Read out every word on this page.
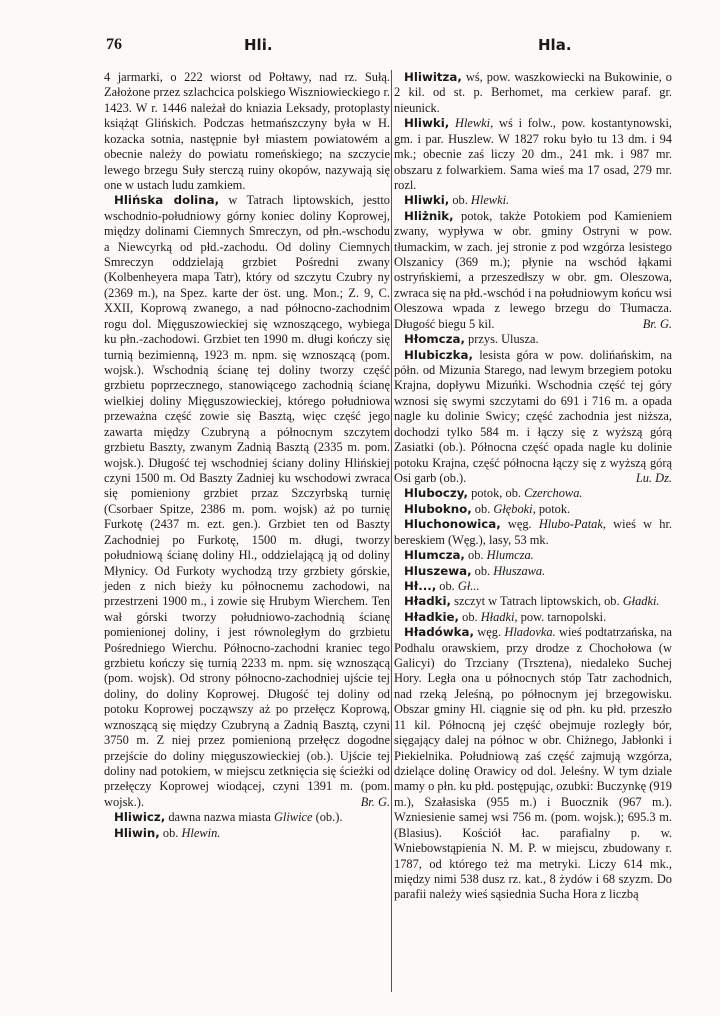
76	Hli.	Hla.

4 jarmarki, o 222 wiorst od Połtawy, nad rz. Sułą. Założone przez szlachcica polskiego Wiszniowieckiego r. 1423. W r. 1446 należał do kniazia Leksady, protoplasty książąt Glińskich. Podczas hetmańszczyny była w H. kozacka sotnia, następnie był miastem powiatowém a obecnie należy do powiatu romeńskiego; na szczycie lewego brzegu Suły sterczą ruiny okopów, nazywają się one w ustach ludu zamkiem.

Hlińska dolina, w Tatrach liptowskich, jestto wschodnio-południowy górny koniec doliny Koprowej, między dolinami Ciemnych Smreczyn, od płn.-wschodu a Niewcyrką od płd.-zachodu. Od doliny Ciemnych Smreczyn oddzielają grzbiet Pośredni zwany (Kolbenheyera mapa Tatr), który od szczytu Czubry ny (2369 m.), na Spez. karte der öst. ung. Mon.; Z. 9, C. XXII, Koprową zwanego, a nad północno-zachodnim rogu dol. Mięguszowieckiej się wznoszącego, wybiega ku płn.-zachodowi. Grzbiet ten 1990 m. długi kończy się turnią bezimienną, 1923 m. npm. się wznoszącą (pom. wojsk.). Wschodnią ścianę tej doliny tworzy część grzbietu poprzecznego, stanowiącego zachodnią ścianę wielkiej doliny Mięguszowieckiej, którego południowa przeważna część zowie się Basztą, więc część jego zawarta między Czubryną a północnym szczytem grzbietu Baszty, zwanym Zadnią Basztą (2335 m. pom. wojsk.). Długość tej wschodniej ściany doliny Hlińskiej czyni 1500 m. Od Baszty Zadniej ku wschodowi zwraca się pomieniony grzbiet przaz Szczyrbską turnię (Csorbaer Spitze, 2386 m. pom. wojsk) aż po turnię Furkotę (2437 m. ezt. gen.). Grzbiet ten od Baszty Zachodniej po Furkotę, 1500 m. długi, tworzy południową ścianę doliny Hl., oddzielającą ją od doliny Młynicy. Od Furkoty wychodzą trzy grzbiety górskie, jeden z nich bieży ku północnemu zachodowi, na przestrzeni 1900 m., i zowie się Hrubym Wierchem. Ten wał górski tworzy południowo-zachodnią ścianę pomienionej doliny, i jest równoległym do grzbietu Pośredniego Wierchu. Północno-zachodni kraniec tego grzbietu kończy się turnią 2233 m. npm. się wznoszącą (pom. wojsk). Od strony północno-zachodniej ujście tej doliny, do doliny Koprowej. Długość tej doliny od potoku Koprowej począwszy aż po przełęcz Koprową, wznoszącą się między Czubryną a Zadnią Basztą, czyni 3750 m. Z niej przez pomienioną przełęcz dogodne przejście do doliny mięguszowieckiej (ob.). Ujście tej doliny nad potokiem, w miejscu zetknięcia się ścieżki od przełęczy Koprowej wiodącej, czyni 1391 m. (pom. wojsk.).	Br. G.

Hliwicz, dawna nazwa miasta Gliwice (ob.).

Hliwin, ob. Hlewin.

Hliwitza, wś, pow. waszkowiecki na Bukowinie, o 2 kil. od st. p. Berhomet, ma cerkiew paraf. gr. nieunick.

Hliwki, Hlewki, wś i folw., pow. kostantynowski, gm. i par. Huszlew. W 1827 roku było tu 13 dm. i 94 mk.; obecnie zaś liczy 20 dm., 241 mk. i 987 mr. obszaru z folwarkiem. Sama wieś ma 17 osad, 279 mr. rozl.

Hliwki, ob. Hlewki.

Hliżnik, potok, także Potokiem pod Kamieniem zwany, wypływa w obr. gminy Ostryni w pow. tłumackim, w zach. jej stronie z pod wzgórza lesistego Olszanicy (369 m.); płynie na wschód łąkami ostryńskiemi, a przeszedłszy w obr. gm. Oleszowa, zwraca się na płd.-wschód i na południowym końcu wsi Oleszowa wpada z lewego brzegu do Tłumacza. Długość biegu 5 kil.	Br. G.

Hłomcza, przys. Ulusza.

Hlubiczka, lesista góra w pow. dolińańskim, na półn. od Mizunia Starego, nad lewym brzegiem potoku Krajna, dopływu Mizuńki. Wschodnia część tej góry wznosi się swymi szczytami do 691 i 716 m. a opada nagle ku dolinie Swicy; część zachodnia jest niższa, dochodzi tylko 584 m. i łączy się z wyższą górą Zasiatki (ob.). Północna część opada nagle ku dolinie potoku Krajna, część północna łączy się z wyższą górą Osi garb (ob.).	Lu. Dz.

Hluboczy, potok, ob. Czerchowa.

Hlubokno, ob. Głęboki, potok.

Hluchonowica, węg. Hlubo-Patak, wieś w hr. bereskiem (Węg.), lasy, 53 mk.

Hlumcza, ob. Hlumcza.

Hluszewa, ob. Hłuszawa.

Hł..., ob. Gł...

Hładki, szczyt w Tatrach liptowskich, ob. Gładki.

Hładkie, ob. Hładki, pow. tarnopolski.

Hładówka, węg. Hladovka. wieś podtatrzańska, na Podhalu orawskiem, przy drodze z Chochołowa (w Galicyi) do Trzciany (Trsztena), niedaleko Suchej Hory. Legła ona u północnych stóp Tatr zachodnich, nad rzeką Jeleśną, po północnym jej brzegowisku. Obszar gminy Hl. ciągnie się od płn. ku płd. przeszło 11 kil. Północną jej część obejmuje rozległy bór, sięgający dalej na północ w obr. Chiżnego, Jabłonki i Piekielnika. Południową zaś część zajmują wzgórza, dzielące dolinę Orawicy od dol. Jeleśny. W tym dziale mamy o płn. ku płd. postępując, ozubki: Buczynkę (919 m.), Szałasiska (955 m.) i Buocznik (967 m.). Wzniesienie samej wsi 756 m. (pom. wojsk.); 695.3 m. (Blasius). Kościół łac. parafialny p. w. Wniebowstąpienia N. M. P. w miejscu, zbudowany r. 1787, od którego też ma metryki. Liczy 614 mk., między nimi 538 dusz rz. kat., 8 żydów i 68 szyzm. Do parafii należy wieś sąsiednia Sucha Hora z liczbą
